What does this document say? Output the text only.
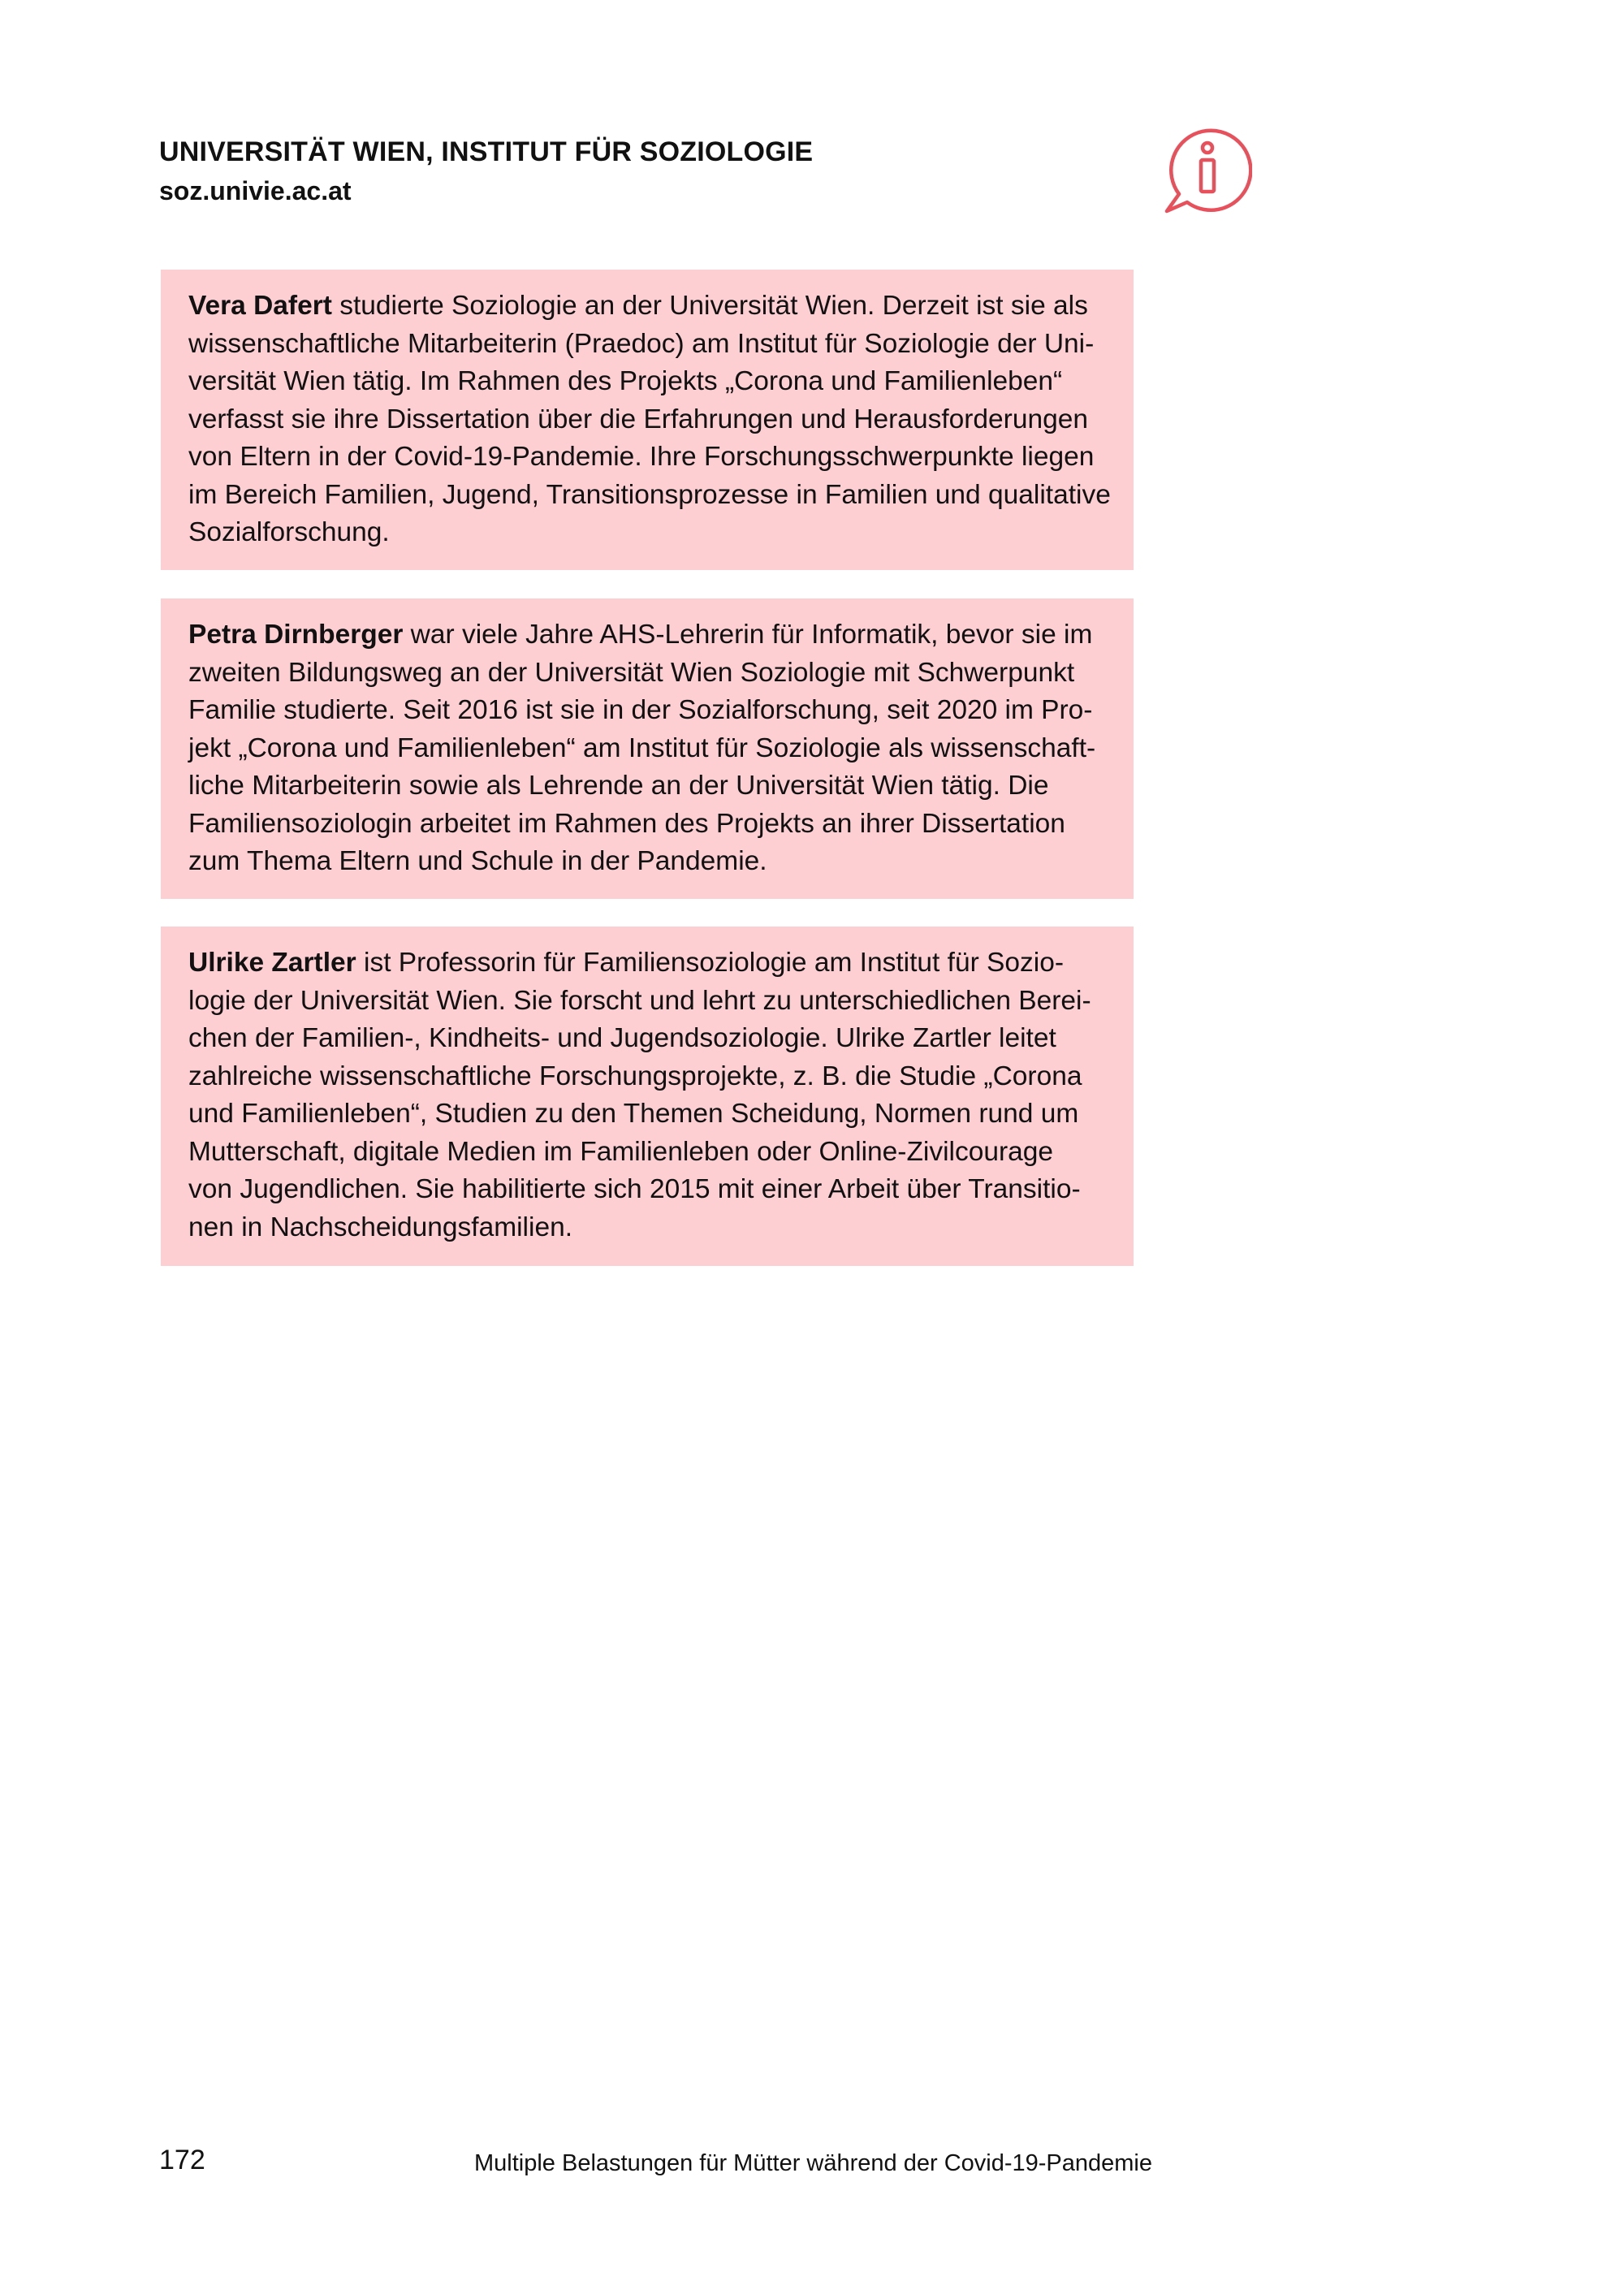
UNIVERSITÄT WIEN, INSTITUT FÜR SOZIOLOGIE
soz.univie.ac.at
Vera Dafert studierte Soziologie an der Universität Wien. Derzeit ist sie als
wissenschaftliche Mitarbeiterin (Praedoc) am Institut für Soziologie der Uni-
versität Wien tätig. Im Rahmen des Projekts „Corona und Familienleben“
verfasst sie ihre Dissertation über die Erfahrungen und Herausforderungen
von Eltern in der Covid-19-Pandemie. Ihre Forschungsschwerpunkte liegen
im Bereich Familien, Jugend, Transitionsprozesse in Familien und qualitative
Sozialforschung.
Petra Dirnberger war viele Jahre AHS-Lehrerin für Informatik, bevor sie im
zweiten Bildungsweg an der Universität Wien Soziologie mit Schwerpunkt
Familie studierte. Seit 2016 ist sie in der Sozialforschung, seit 2020 im Pro-
jekt „Corona und Familienleben“ am Institut für Soziologie als wissenschaft-
liche Mitarbeiterin sowie als Lehrende an der Universität Wien tätig. Die
Familiensoziologin arbeitet im Rahmen des Projekts an ihrer Dissertation
zum Thema Eltern und Schule in der Pandemie.
Ulrike Zartler ist Professorin für Familiensoziologie am Institut für Sozio-
logie der Universität Wien. Sie forscht und lehrt zu unterschiedlichen Berei-
chen der Familien-, Kindheits- und Jugendsoziologie. Ulrike Zartler leitet
zahlreiche wissenschaftliche Forschungsprojekte, z. B. die Studie „Corona
und Familienleben“, Studien zu den Themen Scheidung, Normen rund um
Mutterschaft, digitale Medien im Familienleben oder Online-Zivilcourage
von Jugendlichen. Sie habilitierte sich 2015 mit einer Arbeit über Transitio-
nen in Nachscheidungsfamilien.
172	Multiple Belastungen für Mütter während der Covid-19-Pandemie
